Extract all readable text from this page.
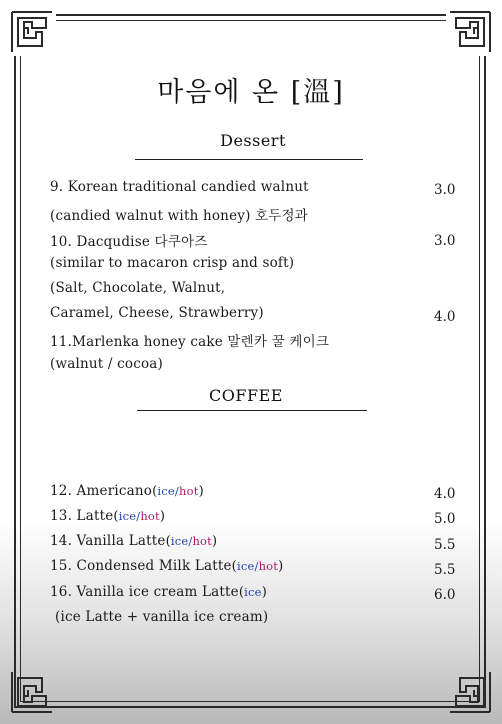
마음에 온 [溫]
Dessert
9. Korean traditional candied walnut	3.0
(candied walnut with honey) 호두정과
10. Dacqudise 다쿠아즈	3.0
(similar to macaron crisp and soft)
(Salt, Chocolate, Walnut,
Caramel, Cheese, Strawberry)	4.0
11.Marlenka honey cake 말렌카 꿀 케이크
(walnut / cocoa)
COFFEE
12. Americano(ice/hot)	4.0
13. Latte(ice/hot)	5.0
14. Vanilla Latte(ice/hot)	5.5
15. Condensed Milk Latte(ice/hot)	5.5
16. Vanilla ice cream Latte(ice)	6.0
(ice Latte + vanilla ice cream)
